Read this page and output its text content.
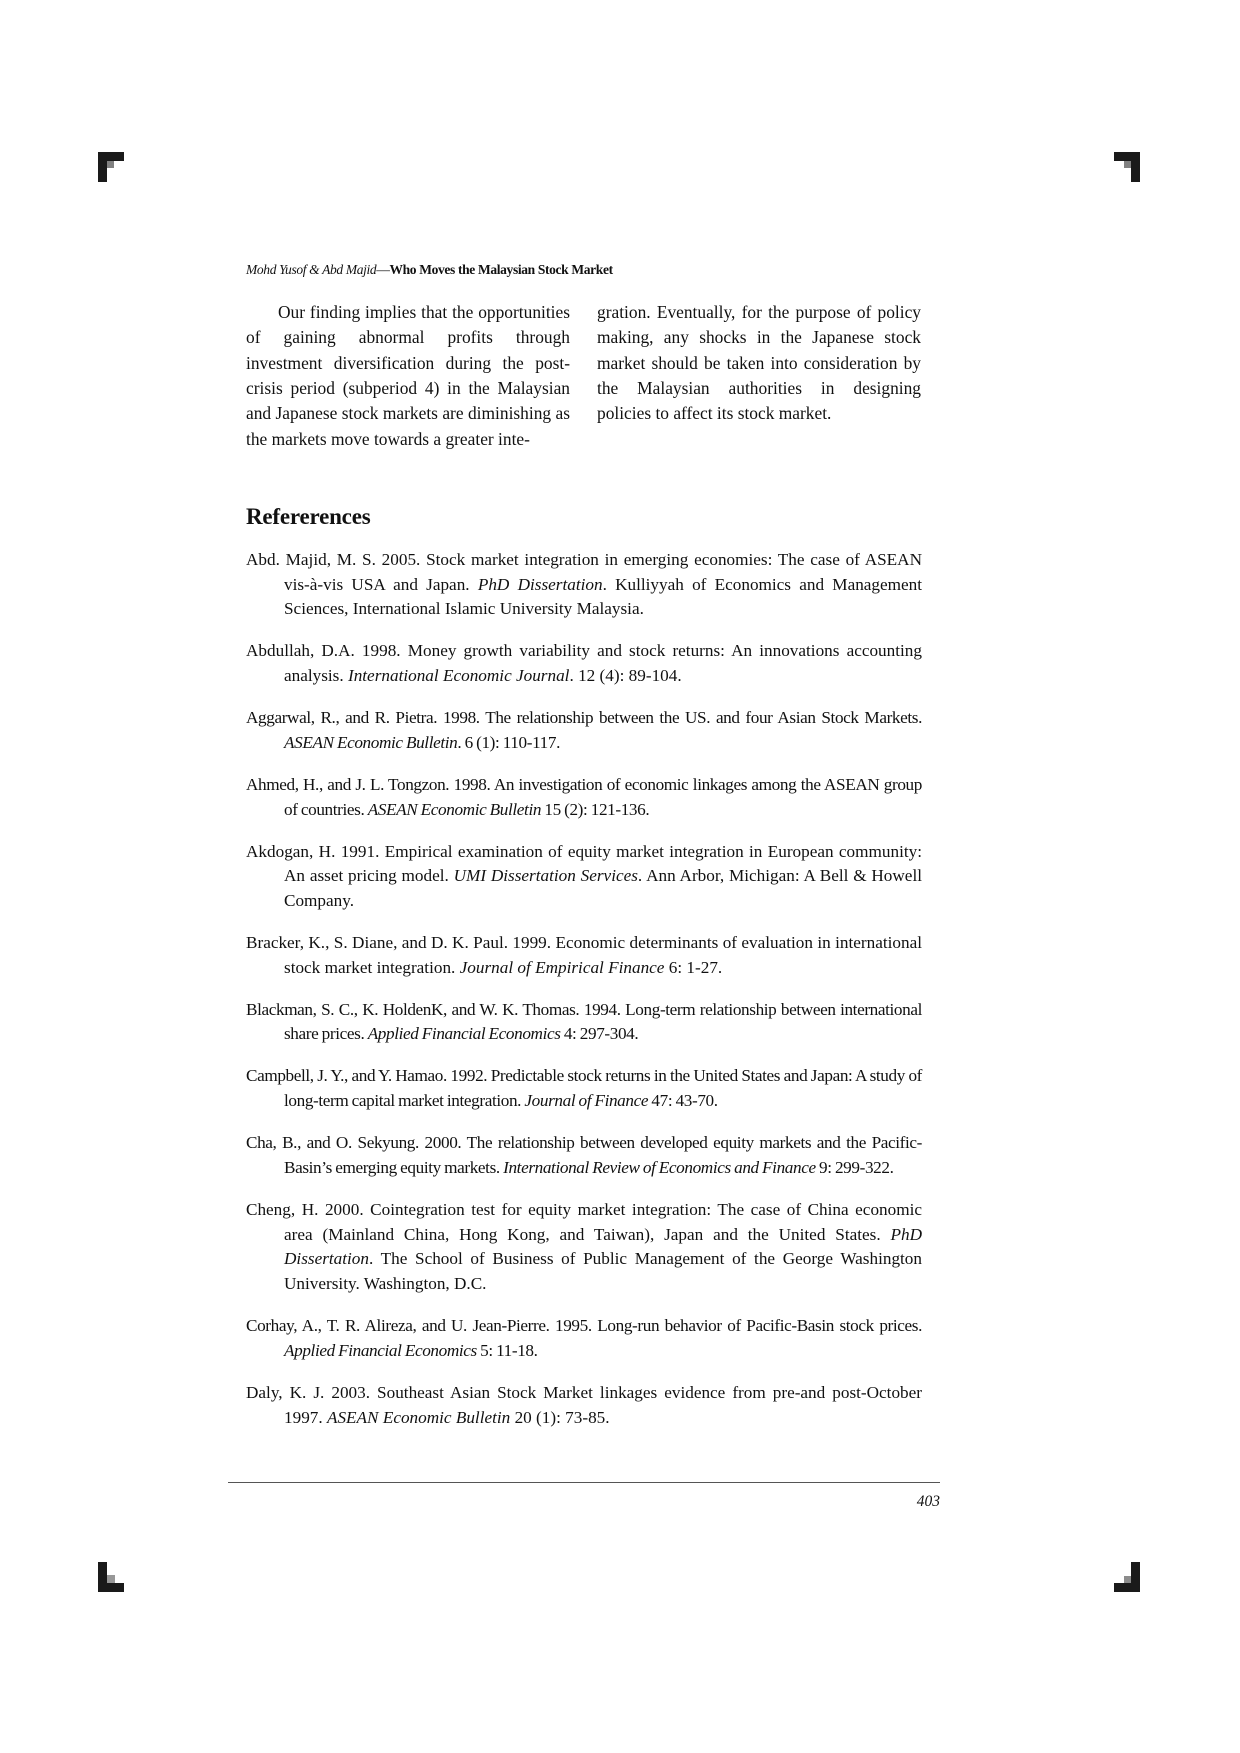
Mohd Yusof & Abd Majid—Who Moves the Malaysian Stock Market

Our finding implies that the opportunities of gaining abnormal profits through investment diversification during the post-crisis period (subperiod 4) in the Malaysian and Japanese stock markets are diminishing as the markets move towards a greater inte-

gration. Eventually, for the purpose of policy making, any shocks in the Japanese stock market should be taken into consideration by the Malaysian authorities in designing policies to affect its stock market.

Refererences

Abd. Majid, M. S. 2005. Stock market integration in emerging economies: The case of ASEAN vis-à-vis USA and Japan. PhD Dissertation. Kulliyyah of Economics and Management Sciences, International Islamic University Malaysia.

Abdullah, D.A. 1998. Money growth variability and stock returns: An innovations accounting analysis. International Economic Journal. 12 (4): 89-104.

Aggarwal, R., and R. Pietra. 1998. The relationship between the US. and four Asian Stock Markets. ASEAN Economic Bulletin. 6 (1): 110-117.

Ahmed, H., and J. L. Tongzon. 1998. An investigation of economic linkages among the ASEAN group of countries. ASEAN Economic Bulletin 15 (2): 121-136.

Akdogan, H. 1991. Empirical examination of equity market integration in European community: An asset pricing model. UMI Dissertation Services. Ann Arbor, Michigan: A Bell & Howell Company.

Bracker, K., S. Diane, and D. K. Paul. 1999. Economic determinants of evaluation in international stock market integration. Journal of Empirical Finance 6: 1-27.

Blackman, S. C., K. HoldenK, and W. K. Thomas. 1994. Long-term relationship between international share prices. Applied Financial Economics 4: 297-304.

Campbell, J. Y., and Y. Hamao. 1992. Predictable stock returns in the United States and Japan: A study of long-term capital market integration. Journal of Finance 47: 43-70.

Cha, B., and O. Sekyung. 2000. The relationship between developed equity markets and the Pacific-Basin’s emerging equity markets. International Review of Economics and Finance 9: 299-322.

Cheng, H. 2000. Cointegration test for equity market integration: The case of China economic area (Mainland China, Hong Kong, and Taiwan), Japan and the United States. PhD Dissertation. The School of Business of Public Management of the George Washington University. Washington, D.C.

Corhay, A., T. R. Alireza, and U. Jean-Pierre. 1995. Long-run behavior of Pacific-Basin stock prices. Applied Financial Economics 5: 11-18.

Daly, K. J. 2003. Southeast Asian Stock Market linkages evidence from pre-and post-October 1997. ASEAN Economic Bulletin 20 (1): 73-85.

403
